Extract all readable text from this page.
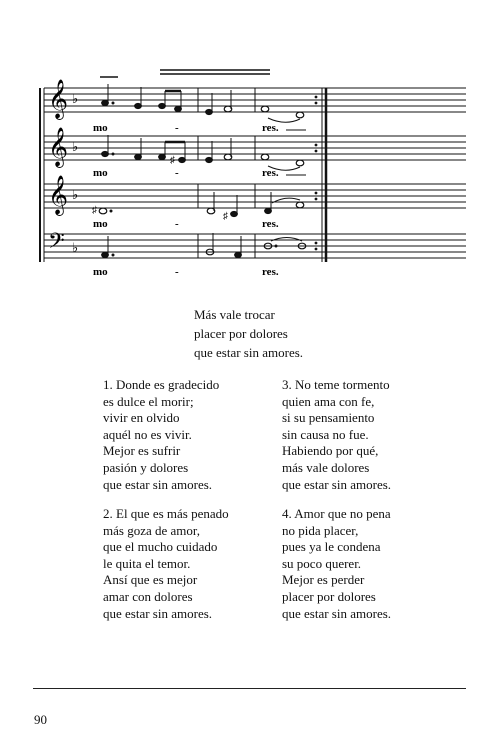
𝄞
𝄞
𝄞
𝄢
♭
♭
♭
♭
♯
♯
♯
mo	-	res.
mo	-	res.
mo	-	res.
mo	-	res.
Más vale trocar
placer por dolores
que estar sin amores.
1. Donde es gradecido
es dulce el morir;
vivir en olvido
aquél no es vivir.
Mejor es sufrir
pasión y dolores
que estar sin amores.
2. El que es más penado
más goza de amor,
que el mucho cuidado
le quita el temor.
Ansí que es mejor
amar con dolores
que estar sin amores.
3. No teme tormento
quien ama con fe,
si su pensamiento
sin causa no fue.
Habiendo por qué,
más vale dolores
que estar sin amores.
4. Amor que no pena
no pida placer,
pues ya le condena
su poco querer.
Mejor es perder
placer por dolores
que estar sin amores.
90
